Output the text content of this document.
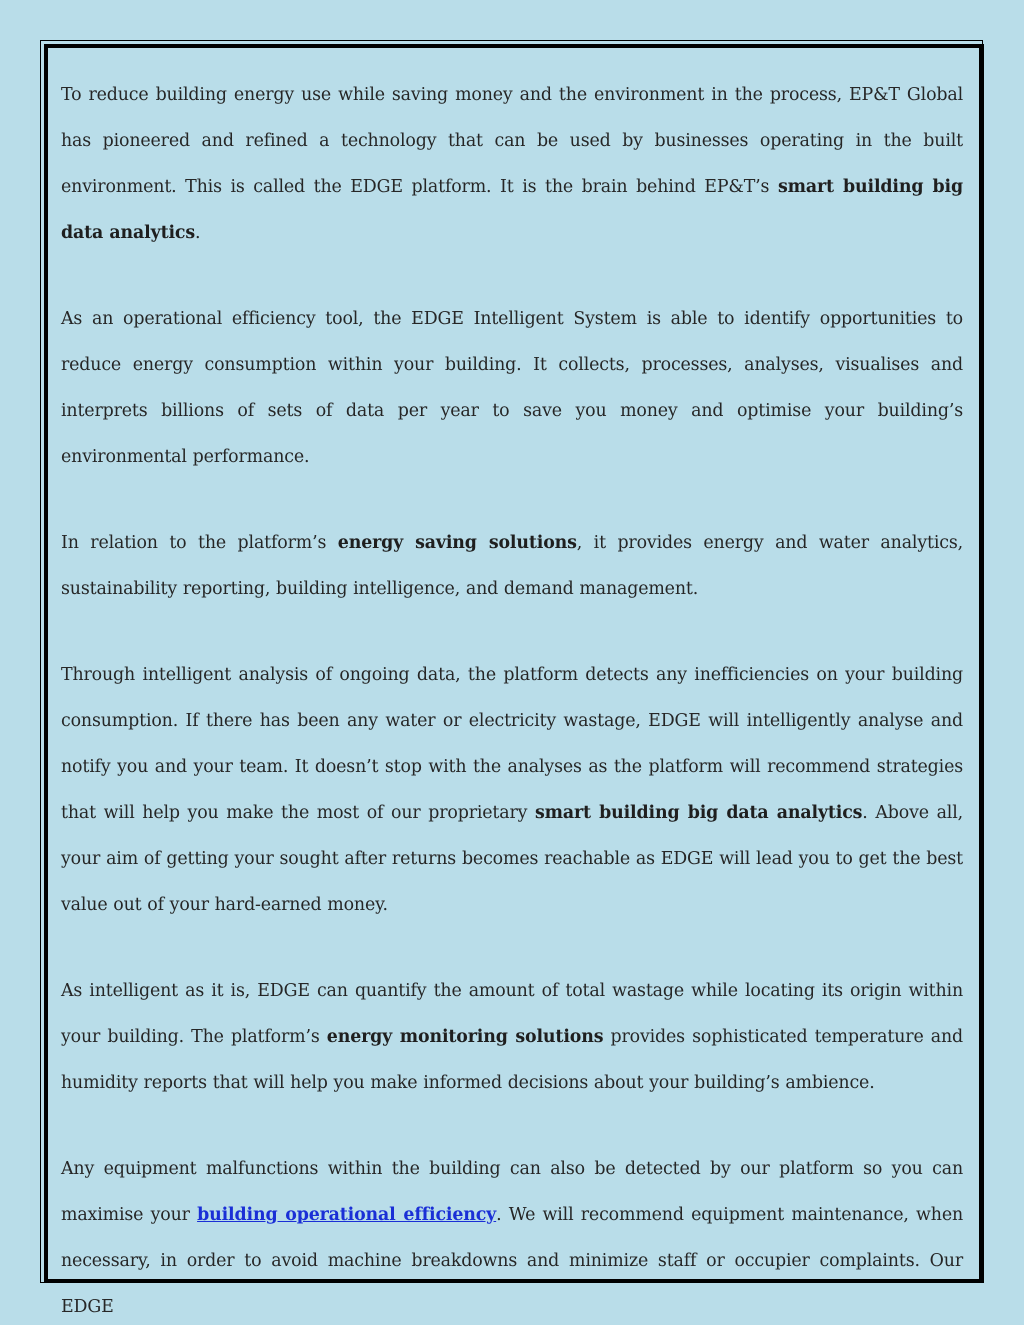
To reduce building energy use while saving money and the environment in the process, EP&T Global has pioneered and refined a technology that can be used by businesses operating in the built environment. This is called the EDGE platform. It is the brain behind EP&T’s smart building big data analytics.

As an operational efficiency tool, the EDGE Intelligent System is able to identify opportunities to reduce energy consumption within your building. It collects, processes, analyses, visualises and interprets billions of sets of data per year to save you money and optimise your building’s environmental performance.

In relation to the platform’s energy saving solutions, it provides energy and water analytics, sustainability reporting, building intelligence, and demand management.

Through intelligent analysis of ongoing data, the platform detects any inefficiencies on your building consumption. If there has been any water or electricity wastage, EDGE will intelligently analyse and notify you and your team. It doesn’t stop with the analyses as the platform will recommend strategies that will help you make the most of our proprietary smart building big data analytics. Above all, your aim of getting your sought after returns becomes reachable as EDGE will lead you to get the best value out of your hard-earned money.

As intelligent as it is, EDGE can quantify the amount of total wastage while locating its origin within your building. The platform’s energy monitoring solutions provides sophisticated temperature and humidity reports that will help you make informed decisions about your building’s ambience.

Any equipment malfunctions within the building can also be detected by our platform so you can maximise your building operational efficiency. We will recommend equipment maintenance, when necessary, in order to avoid machine breakdowns and minimize staff or occupier complaints. Our EDGE
